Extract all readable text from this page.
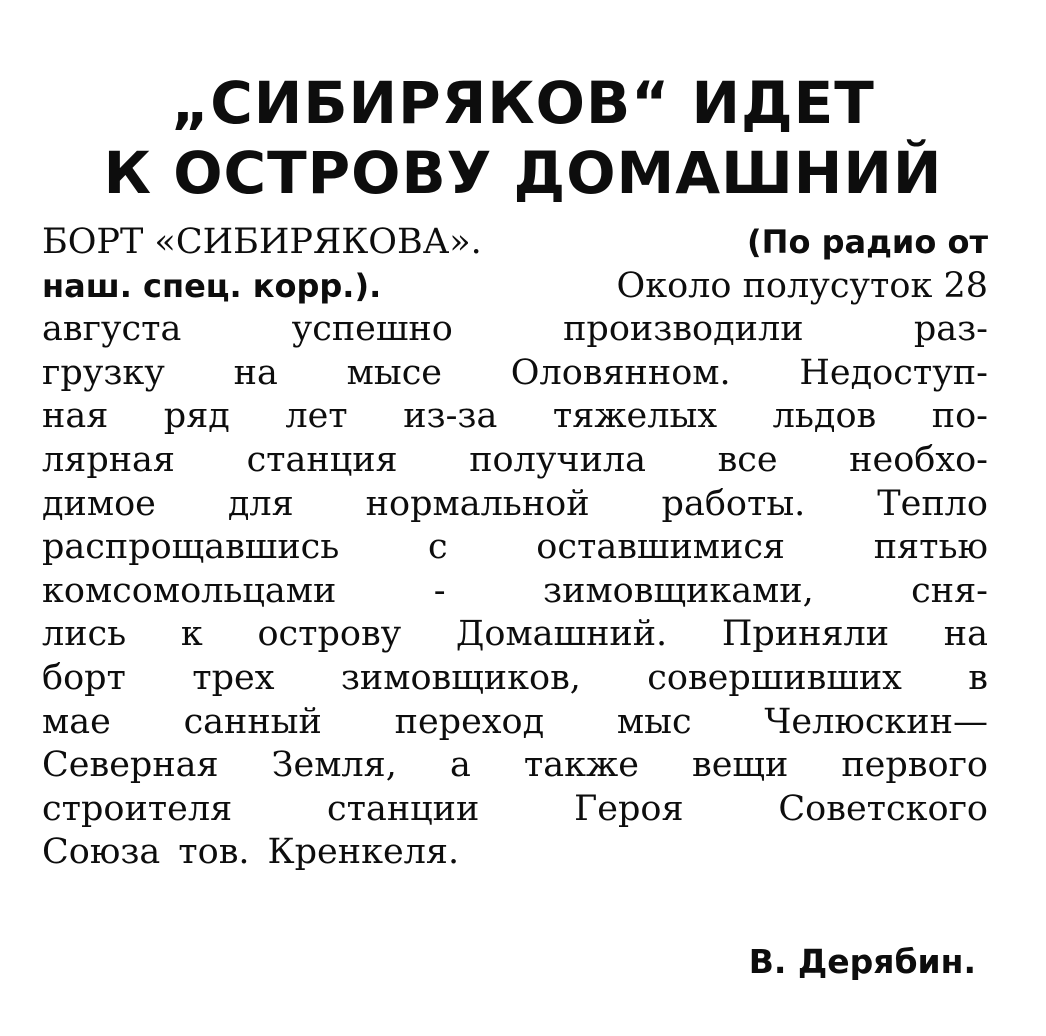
„СИБИРЯКОВ“ ИДЕТ
К ОСТРОВУ ДОМАШНИЙ
БОРТ «СИБИРЯКОВА».	(По радио от
наш. спец. корр.).	Около полусуток 28
августа	успешно	производили	раз-
грузку на мысе Оловянном. Недоступ-
ная ряд лет из-за тяжелых льдов по-
лярная станция получила все необхо-
димое для нормальной работы. Тепло
распрощавшись	с	оставшимися	пятью
комсомольцами	-	зимовщиками,	сня-
лись к острову Домашний. Приняли на
борт трех зимовщиков, совершивших в
мае санный переход мыс Челюскин—
Северная Земля, а также вещи первого
строителя	станции	Героя	Советского
Союза тов. Кренкеля.
В. Дерябин.
